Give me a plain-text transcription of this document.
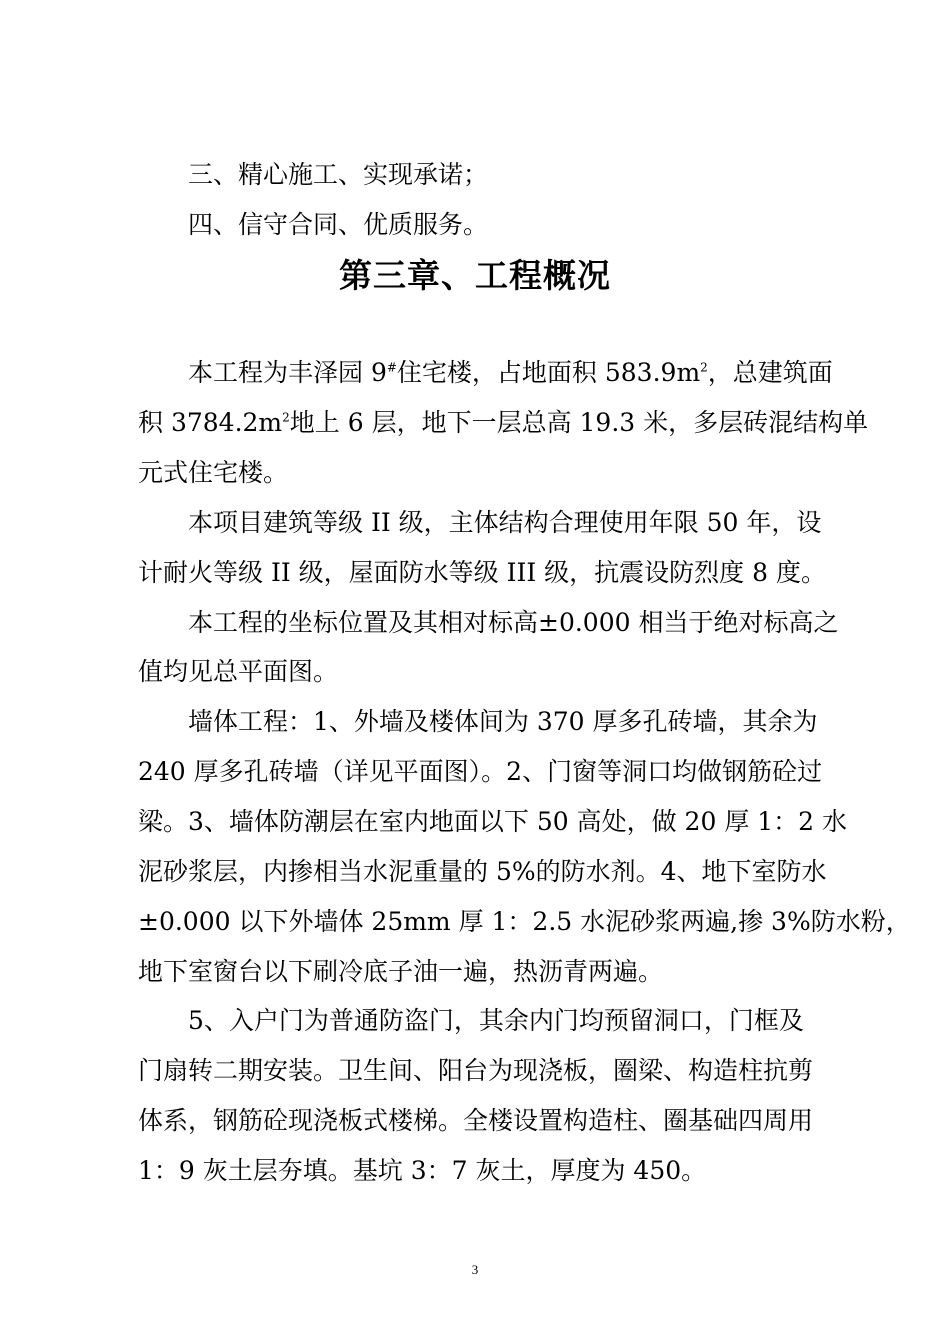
三、精心施工、实现承诺；

四、信守合同、优质服务。

第三章、工程概况

本工程为丰泽园 9#住宅楼，占地面积 $583.9m^2$，总建筑面

积 $3784.2m^2$地上 6 层，地下一层总高 19.3 米，多层砖混结构单

元式住宅楼。

本项目建筑等级 II 级，主体结构合理使用年限 50 年，设

计耐火等级 II 级，屋面防水等级 III 级，抗震设防烈度 8 度。

本工程的坐标位置及其相对标高±0.000 相当于绝对标高之

值均见总平面图。

墙体工程：1、外墙及楼体间为 370 厚多孔砖墙，其余为

240 厚多孔砖墙（详见平面图）。2、门窗等洞口均做钢筋砼过

梁。3、墙体防潮层在室内地面以下 50 高处，做 20 厚 1：2 水

泥砂浆层，内掺相当水泥重量的 5%的防水剂。4、地下室防水

±0.000 以下外墙体 25mm 厚 1：2.5 水泥砂浆两遍,掺 3%防水粉，

地下室窗台以下刷冷底子油一遍，热沥青两遍。

5、入户门为普通防盗门，其余内门均预留洞口，门框及

门扇转二期安装。卫生间、阳台为现浇板，圈梁、构造柱抗剪

体系，钢筋砼现浇板式楼梯。全楼设置构造柱、圈基础四周用

1：9 灰土层夯填。基坑 3：7 灰土，厚度为 450。

3
